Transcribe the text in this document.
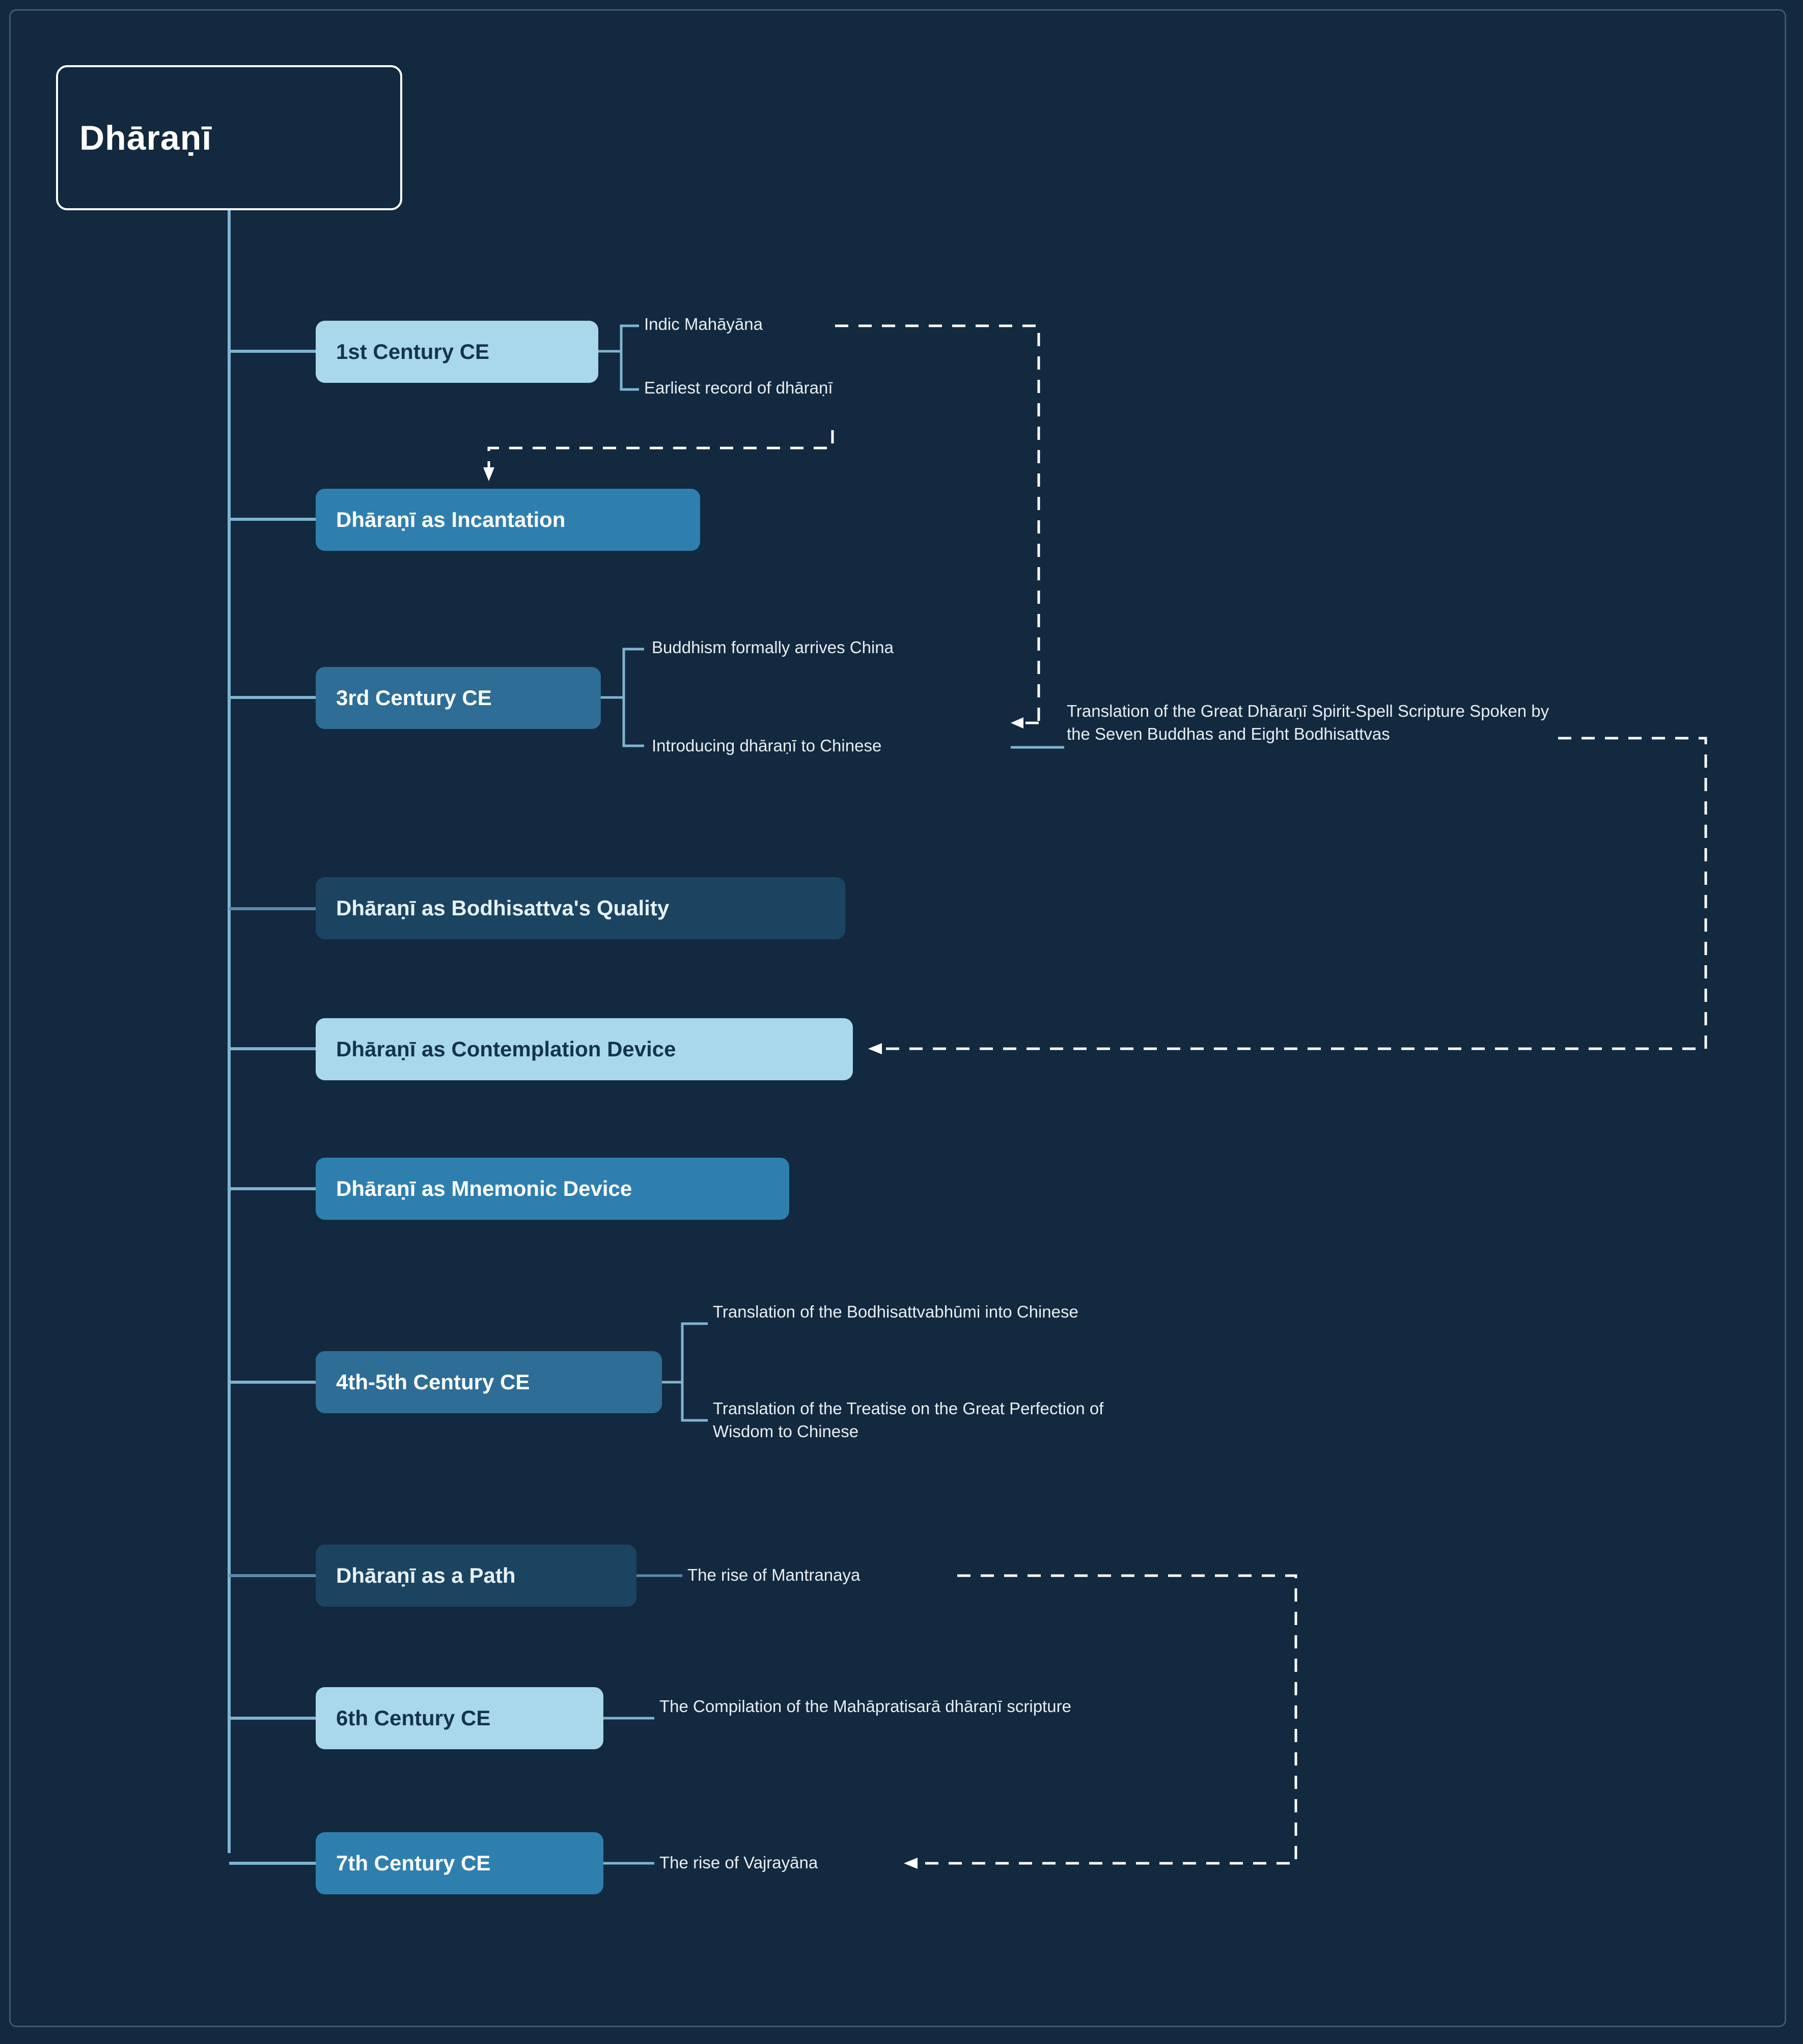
Dhāraṇī
1st Century CE
Dhāraṇī as Incantation
3rd Century CE
Dhāraṇī as Bodhisattva's Quality
Dhāraṇī as Contemplation Device
Dhāraṇī as Mnemonic Device
4th-5th Century CE
Dhāraṇī as a Path
6th Century CE
7th Century CE
Indic Mahāyāna
Earliest record of dhāraṇī
Buddhism formally arrives China
Introducing dhāraṇī to Chinese
Translation of the Great Dhāraṇī Spirit-Spell Scripture Spoken by the Seven Buddhas and Eight Bodhisattvas
Translation of the Bodhisattvabhūmi into Chinese
Translation of the Treatise on the Great Perfection of Wisdom to Chinese
The rise of Mantranaya
The Compilation of the Mahāpratisarā dhāraṇī scripture
The rise of Vajrayāna
